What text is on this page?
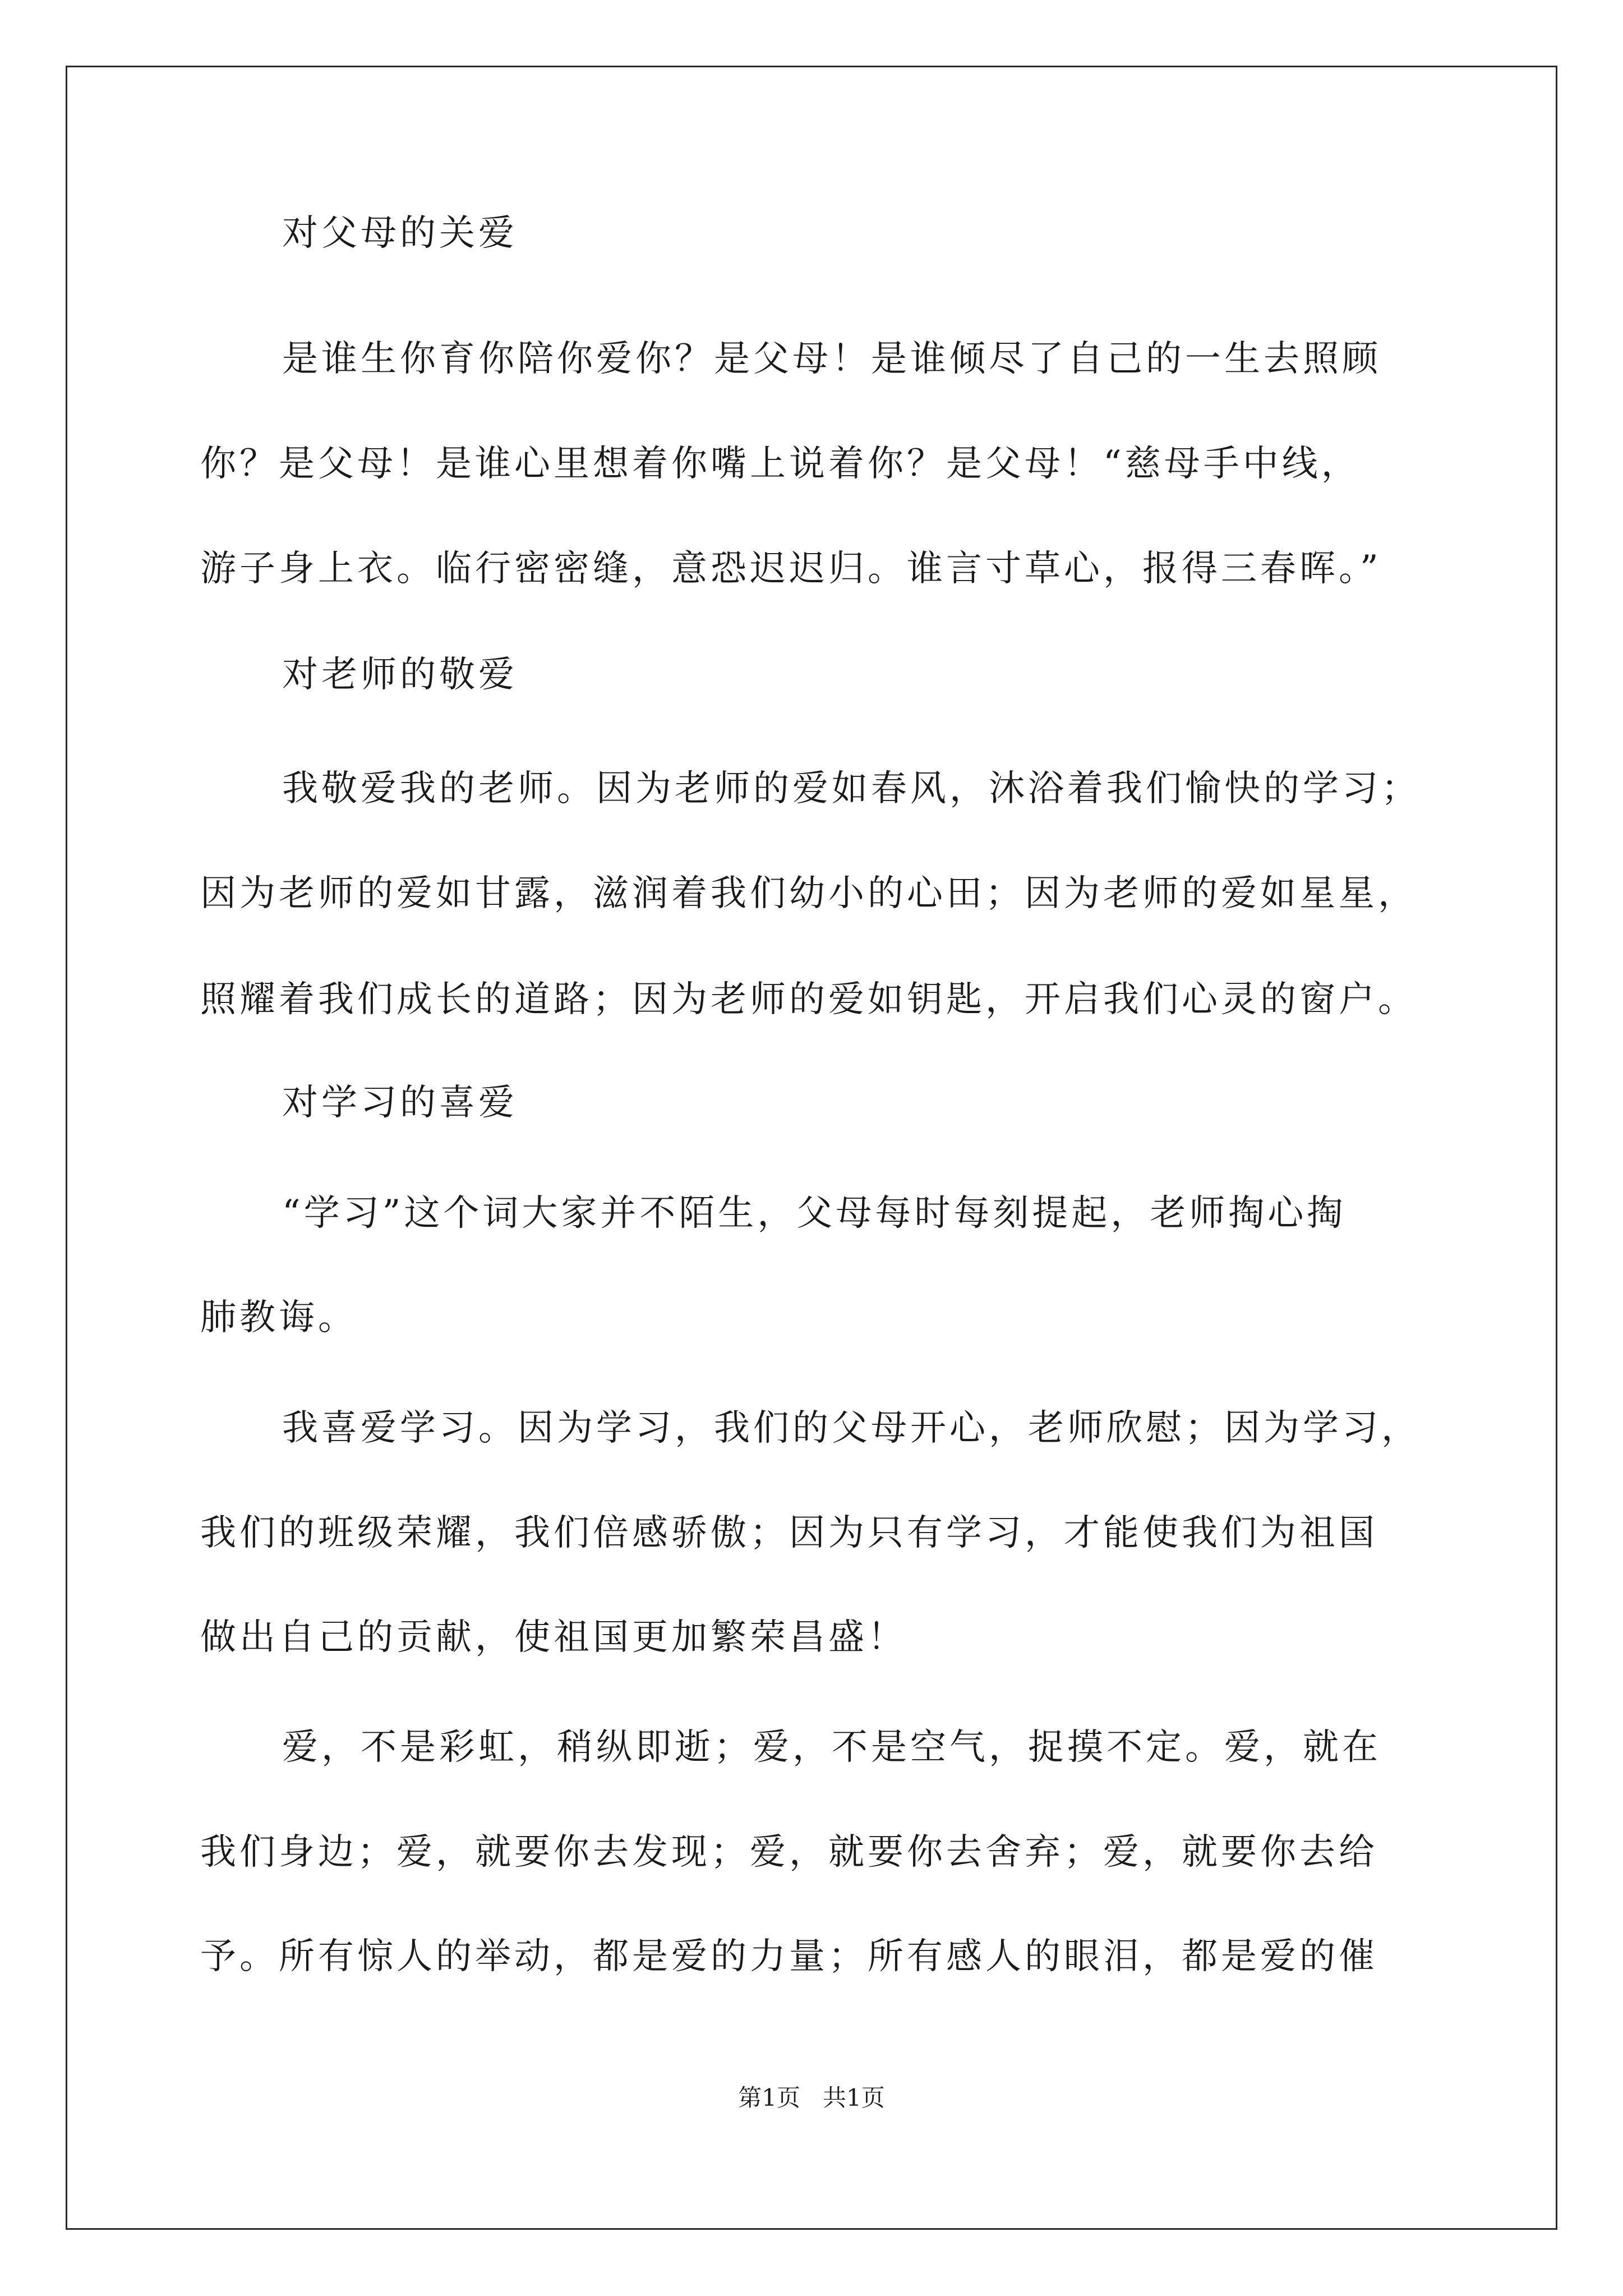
对父母的关爱
是谁生你育你陪你爱你？是父母！是谁倾尽了自己的一生去照顾
你？是父母！是谁心里想着你嘴上说着你？是父母！“慈母手中线，
游子身上衣。临行密密缝，意恐迟迟归。谁言寸草心，报得三春晖。”
对老师的敬爱
我敬爱我的老师。因为老师的爱如春风，沐浴着我们愉快的学习；
因为老师的爱如甘露，滋润着我们幼小的心田；因为老师的爱如星星，
照耀着我们成长的道路；因为老师的爱如钥匙，开启我们心灵的窗户。
对学习的喜爱
“学习”这个词大家并不陌生，父母每时每刻提起，老师掏心掏
肺教诲。
我喜爱学习。因为学习，我们的父母开心，老师欣慰；因为学习，
我们的班级荣耀，我们倍感骄傲；因为只有学习，才能使我们为祖国
做出自己的贡献，使祖国更加繁荣昌盛！
爱，不是彩虹，稍纵即逝；爱，不是空气，捉摸不定。爱，就在
我们身边；爱，就要你去发现；爱，就要你去舍弃；爱，就要你去给
予。所有惊人的举动，都是爱的力量；所有感人的眼泪，都是爱的催
第1页   共1页
